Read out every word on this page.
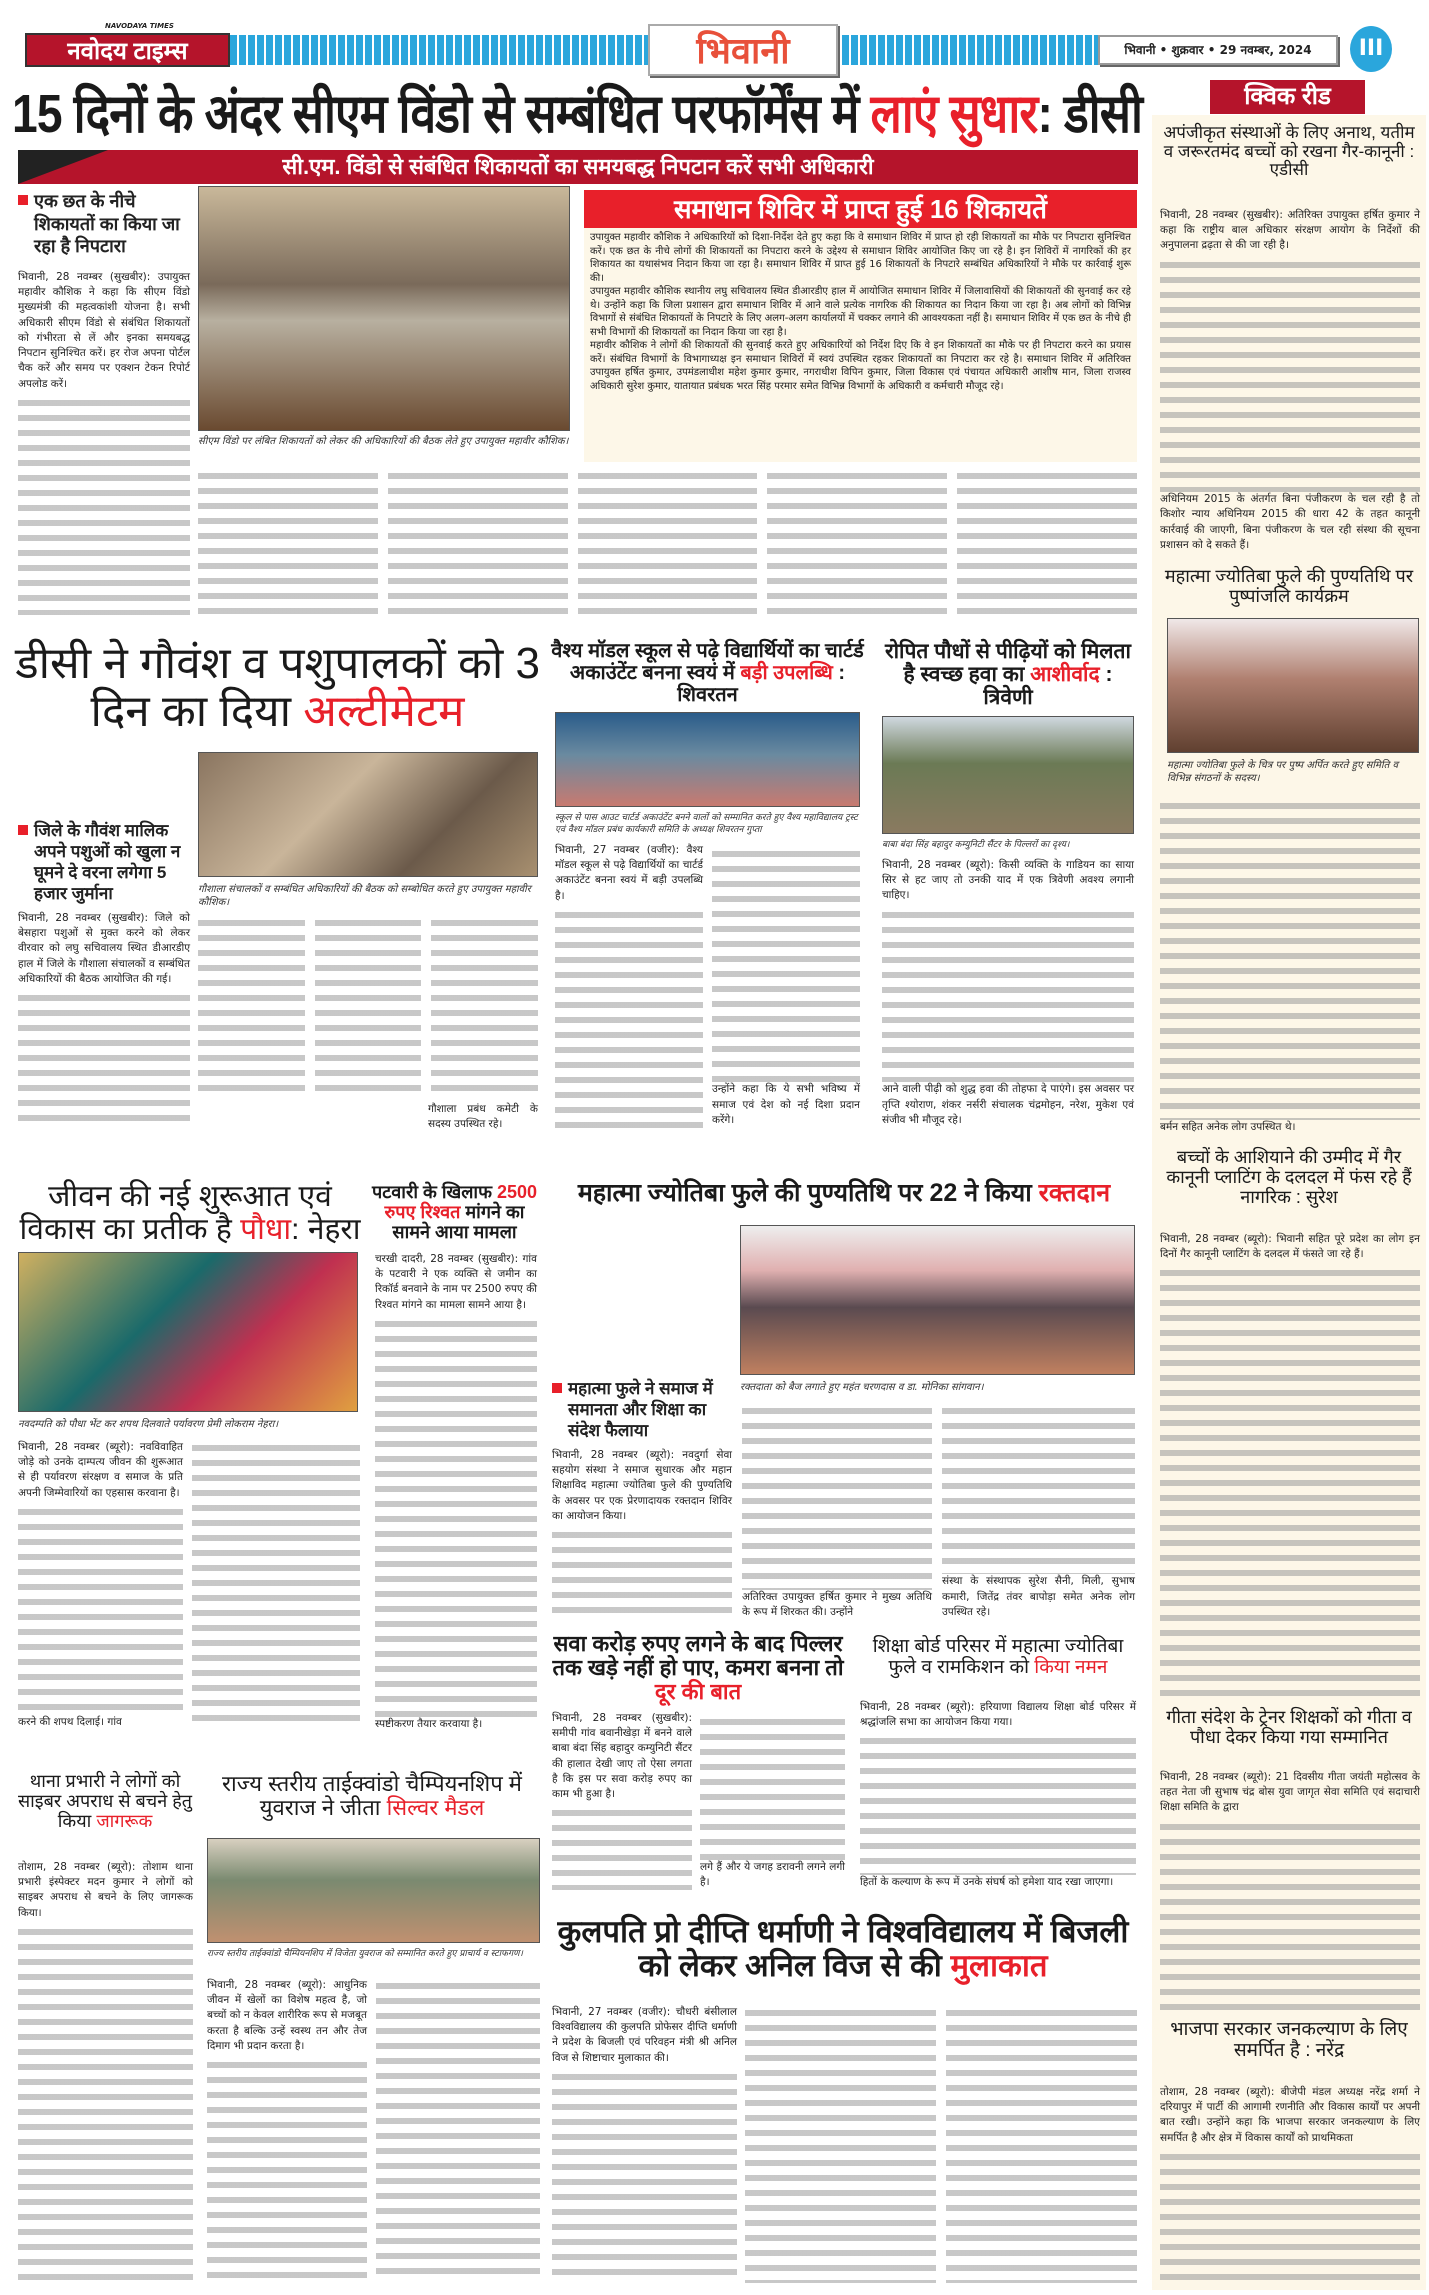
NAVODAYA TIMES
नवोदय टाइम्स	भिवानी	भिवानी • शुक्रवार • 29 नवम्बर, 2024	III
15 दिनों के अंदर सीएम विंडो से सम्बंधित परफॉर्मेंस में लाएं सुधार: डीसी
सी.एम. विंडो से संबंधित शिकायतों का समयबद्ध निपटान करें सभी अधिकारी
एक छत के नीचे शिकायतों का किया जा रहा है निपटारा
भिवानी, 28 नवम्बर (सुखबीर): उपायुक्त महावीर कौशिक ने कहा कि सीएम विंडो मुख्यमंत्री की महत्वकांशी योजना है। सभी अधिकारी सीएम विंडो से संबंधित शिकायतों को गंभीरता से लें और इनका समयबद्ध निपटान सुनिश्चित करें। हर रोज अपना पोर्टल चैक करें और समय पर एक्शन टेकन रिपोर्ट अपलोड करें।
सीएम विंडो पर लंबित शिकायतों को लेकर की अधिकारियों की बैठक लेते हुए उपायुक्त महावीर कौशिक।
समाधान शिविर में प्राप्त हुई 16 शिकायतें
उपायुक्त महावीर कौशिक ने अधिकारियों को दिशा-निर्देश देते हुए कहा कि वे समाधान शिविर में प्राप्त हो रही शिकायतों का मौके पर निपटारा सुनिश्चित करें। एक छत के नीचे लोगों की शिकायतों का निपटारा करने के उद्देश्य से समाधान शिविर आयोजित किए जा रहे है। इन शिविरों में नागरिकों की हर शिकायत का यथासंभव निदान किया जा रहा है। समाधान शिविर में प्राप्त हुई 16 शिकायतों के निपटारे सम्बंधित अधिकारियों ने मौके पर कार्रवाई शुरू की।
उपायुक्त महावीर कौशिक स्थानीय लघु सचिवालय स्थित डीआरडीए हाल में आयोजित समाधान शिविर में जिलावासियों की शिकायतों की सुनवाई कर रहे थे। उन्होंने कहा कि जिला प्रशासन द्वारा समाधान शिविर में आने वाले प्रत्येक नागरिक की शिकायत का निदान किया जा रहा है। अब लोगों को विभिन्न विभागों से संबंधित शिकायतों के निपटारे के लिए अलग-अलग कार्यालयों में चक्कर लगाने की आवश्यकता नहीं है। समाधान शिविर में एक छत के नीचे ही सभी विभागों की शिकायतों का निदान किया जा रहा है।
महावीर कौशिक ने लोगों की शिकायतों की सुनवाई करते हुए अधिकारियों को निर्देश दिए कि वे इन शिकायतों का मौके पर ही निपटारा करने का प्रयास करें। संबंधित विभागों के विभागाध्यक्ष इन समाधान शिविरों में स्वयं उपस्थित रहकर शिकायतों का निपटारा कर रहे है। समाधान शिविर में अतिरिक्त उपायुक्त हर्षित कुमार, उपमंडलाधीश महेश कुमार कुमार, नगराधीश विपिन कुमार, जिला विकास एवं पंचायत अधिकारी आशीष मान, जिला राजस्व अधिकारी सुरेश कुमार, यातायात प्रबंधक भरत सिंह परमार समेत विभिन्न विभागों के अधिकारी व कर्मचारी मौजूद रहे।
डीसी ने गौवंश व पशुपालकों को 3 दिन का दिया अल्टीमेटम
जिले के गौवंश मालिक अपने पशुओं को खुला न घूमने दे वरना लगेगा 5 हजार जुर्माना	गौशाला संचालकों व सम्बंधित अधिकारियों की बैठक को सम्बोधित करते हुए उपायुक्त महावीर कौशिक।
भिवानी, 28 नवम्बर (सुखबीर): जिले को बेसहारा पशुओं से मुक्त करने को लेकर वीरवार को लघु सचिवालय स्थित डीआरडीए हाल में जिले के गौशाला संचालकों व सम्बंधित अधिकारियों की बैठक आयोजित की गई।
गौशाला प्रबंध कमेटी के सदस्य उपस्थित रहे।
वैश्य मॉडल स्कूल से पढ़े विद्यार्थियों का चार्टर्ड अकाउंटेंट बनना स्वयं में बड़ी उपलब्धि : शिवरतन
स्कूल से पास आउट चार्टर्ड अकाउंटेंट बनने वालों को सम्मानित करते हुए वैश्य महाविद्यालय ट्रस्ट एवं वैश्य मॉडल प्रबंध कार्यकारी समिति के अध्यक्ष शिवरतन गुप्ता
भिवानी, 27 नवम्बर (वजीर): वैश्य मॉडल स्कूल से पढ़े विद्यार्थियों का चार्टर्ड अकाउंटेंट बनना स्वयं में बड़ी उपलब्धि है।
उन्होंने कहा कि ये सभी भविष्य में समाज एवं देश को नई दिशा प्रदान करेंगे।
रोपित पौधों से पीढ़ियों को मिलता है स्वच्छ हवा का आशीर्वाद : त्रिवेणी
बाबा बंदा सिंह बहादुर कम्युनिटी सैंटर के पिल्लरों का दृश्य।
भिवानी, 28 नवम्बर (ब्यूरो): किसी व्यक्ति के गाडियन का साया सिर से हट जाए तो उनकी याद में एक त्रिवेणी अवश्य लगानी चाहिए।
आने वाली पीढ़ी को शुद्ध हवा की तोहफा दे पाएंगे। इस अवसर पर तृप्ति श्योराण, शंकर नर्सरी संचालक चंद्रमोहन, नरेश, मुकेश एवं संजीव भी मौजूद रहे।
जीवन की नई शुरूआत एवं विकास का प्रतीक है पौधा: नेहरा
नवदम्पति को पौधा भेंट कर शपथ दिलवाते पर्यावरण प्रेमी लोकराम नेहरा।
भिवानी, 28 नवम्बर (ब्यूरो): नवविवाहित जोड़े को उनके दाम्पत्य जीवन की शुरूआत से ही पर्यावरण संरक्षण व समाज के प्रति अपनी जिम्मेवारियों का एहसास करवाना है।
करने की शपथ दिलाई। गांव
पटवारी के खिलाफ 2500 रुपए रिश्वत मांगने का सामने आया मामला
चरखी दादरी, 28 नवम्बर (सुखबीर): गांव के पटवारी ने एक व्यक्ति से जमीन का रिकॉर्ड बनवाने के नाम पर 2500 रुपए की रिश्वत मांगने का मामला सामने आया है।
स्पष्टीकरण तैयार करवाया है।
महात्मा ज्योतिबा फुले की पुण्यतिथि पर 22 ने किया रक्तदान
महात्मा फुले ने समाज में समानता और शिक्षा का संदेश फैलाया
रक्तदाता को बैज लगाते हुए महंत चरणदास व डा. मोनिका सांगवान।
भिवानी, 28 नवम्बर (ब्यूरो): नवदुर्गा सेवा सहयोग संस्था ने समाज सुधारक और महान शिक्षाविद महात्मा ज्योतिबा फुले की पुण्यतिथि के अवसर पर एक प्रेरणादायक रक्तदान शिविर का आयोजन किया।
अतिरिक्त उपायुक्त हर्षित कुमार ने मुख्य अतिथि के रूप में शिरकत की। उन्होंने
संस्था के संस्थापक सुरेश सैनी, मिली, सुभाष कमारी, जितेंद्र तंवर बापोड़ा समेत अनेक लोग उपस्थित रहे।
सवा करोड़ रुपए लगने के बाद पिल्लर तक खड़े नहीं हो पाए, कमरा बनना तो दूर की बात
भिवानी, 28 नवम्बर (सुखबीर): समीपी गांव बवानीखेड़ा में बनने वाले बाबा बंदा सिंह बहादुर कम्युनिटी सैंटर की हालात देखी जाए तो ऐसा लगता है कि इस पर सवा करोड़ रुपए का काम भी हुआ है।
लगे हैं और ये जगह डरावनी लगने लगी है।
शिक्षा बोर्ड परिसर में महात्मा ज्योतिबा फुले व रामकिशन को किया नमन
भिवानी, 28 नवम्बर (ब्यूरो): हरियाणा विद्यालय शिक्षा बोर्ड परिसर में श्रद्धांजलि सभा का आयोजन किया गया।
हितों के कल्याण के रूप में उनके संघर्ष को हमेशा याद रखा जाएगा।
कुलपति प्रो दीप्ति धर्माणी ने विश्वविद्यालय में बिजली को लेकर अनिल विज से की मुलाकात
भिवानी, 27 नवम्बर (वजीर): चौधरी बंसीलाल विश्वविद्यालय की कुलपति प्रोफेसर दीप्ति धर्माणी ने प्रदेश के बिजली एवं परिवहन मंत्री श्री अनिल विज से शिष्टाचार मुलाकात की।
थाना प्रभारी ने लोगों को साइबर अपराध से बचने हेतु किया जागरूक
तोशाम, 28 नवम्बर (ब्यूरो): तोशाम थाना प्रभारी इंस्पेक्टर मदन कुमार ने लोगों को साइबर अपराध से बचने के लिए जागरूक किया।
राज्य स्तरीय ताईक्वांडो चैम्पियनशिप में युवराज ने जीता सिल्वर मैडल
राज्य स्तरीय ताईक्वांडो चैम्पियनशिप में विजेता युवराज को सम्मानित करते हुए प्राचार्य व स्टाफगण।
भिवानी, 28 नवम्बर (ब्यूरो): आधुनिक जीवन में खेलों का विशेष महत्व है, जो बच्चों को न केवल शारीरिक रूप से मजबूत करता है बल्कि उन्हें स्वस्थ तन और तेज दिमाग भी प्रदान करता है।
क्विक रीड
अपंजीकृत संस्थाओं के लिए अनाथ, यतीम व जरूरतमंद बच्चों को रखना गैर-कानूनी : एडीसी
भिवानी, 28 नवम्बर (सुखबीर): अतिरिक्त उपायुक्त हर्षित कुमार ने कहा कि राष्ट्रीय बाल अधिकार संरक्षण आयोग के निर्देशों की अनुपालना द्रढ़ता से की जा रही है।
अधिनियम 2015 के अंतर्गत बिना पंजीकरण के चल रही है तो किशोर न्याय अधिनियम 2015 की धारा 42 के तहत कानूनी कार्रवाई की जाएगी, बिना पंजीकरण के चल रही संस्था की सूचना प्रशासन को दे सकते हैं।
महात्मा ज्योतिबा फुले की पुण्यतिथि पर पुष्पांजलि कार्यक्रम
महात्मा ज्योतिबा फुले के चित्र पर पुष्प अर्पित करते हुए समिति व विभिन्न संगठनों के सदस्य।
बर्मन सहित अनेक लोग उपस्थित थे।
बच्चों के आशियाने की उम्मीद में गैर कानूनी प्लाटिंग के दलदल में फंस रहे हैं नागरिक : सुरेश
भिवानी, 28 नवम्बर (ब्यूरो): भिवानी सहित पूरे प्रदेश का लोग इन दिनों गैर कानूनी प्लाटिंग के दलदल में फंसते जा रहे हैं।
गीता संदेश के ट्रेनर शिक्षकों को गीता व पौधा देकर किया गया सम्मानित
भिवानी, 28 नवम्बर (ब्यूरो): 21 दिवसीय गीता जयंती महोत्सव के तहत नेता जी सुभाष चंद्र बोस युवा जागृत सेवा समिति एवं सदाचारी शिक्षा समिति के द्वारा
भाजपा सरकार जनकल्याण के लिए समर्पित है : नरेंद्र
तोशाम, 28 नवम्बर (ब्यूरो): बीजेपी मंडल अध्यक्ष नरेंद्र शर्मा ने दरियापुर में पार्टी की आगामी रणनीति और विकास कार्यों पर अपनी बात रखी। उन्होंने कहा कि भाजपा सरकार जनकल्याण के लिए समर्पित है और क्षेत्र में विकास कार्यों को प्राथमिकता
